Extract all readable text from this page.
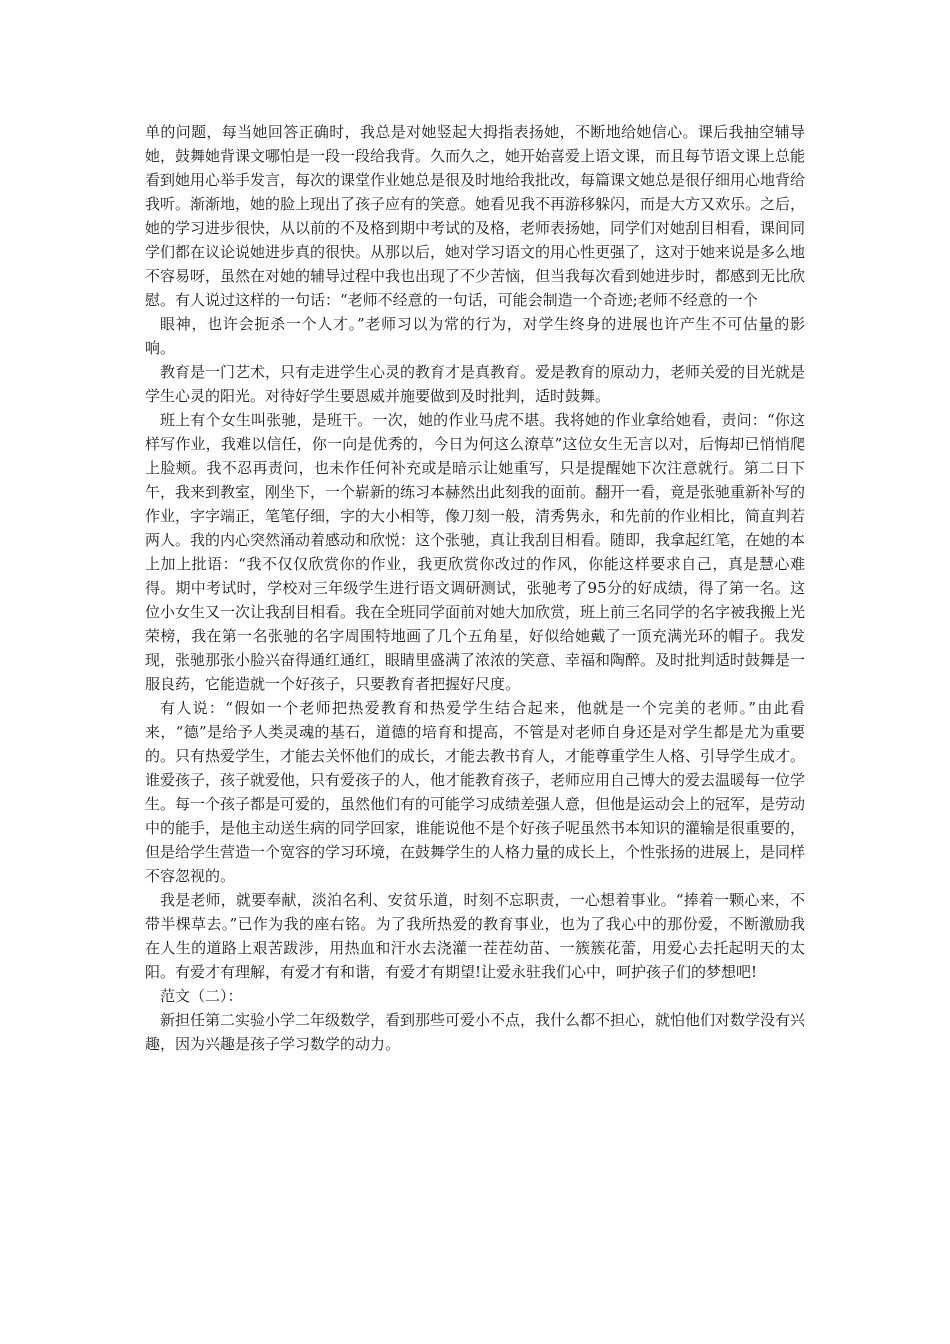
单的问题，每当她回答正确时，我总是对她竖起大拇指表扬她，不断地给她信心。课后我抽空辅导她，鼓舞她背课文哪怕是一段一段给我背。久而久之，她开始喜爱上语文课，而且每节语文课上总能看到她用心举手发言，每次的课堂作业她总是很及时地给我批改，每篇课文她总是很仔细用心地背给我听。渐渐地，她的脸上现出了孩子应有的笑意。她看见我不再游移躲闪，而是大方又欢乐。之后，她的学习进步很快，从以前的不及格到期中考试的及格，老师表扬她，同学们对她刮目相看，课间同学们都在议论说她进步真的很快。从那以后，她对学习语文的用心性更强了，这对于她来说是多么地不容易呀，虽然在对她的辅导过程中我也出现了不少苦恼，但当我每次看到她进步时，都感到无比欣慰。有人说过这样的一句话：“老师不经意的一句话，可能会制造一个奇迹;老师不经意的一个

眼神，也许会扼杀一个人才。”老师习以为常的行为，对学生终身的进展也许产生不可估量的影响。

教育是一门艺术，只有走进学生心灵的教育才是真教育。爱是教育的原动力，老师关爱的目光就是学生心灵的阳光。对待好学生要恩威并施要做到及时批判，适时鼓舞。

班上有个女生叫张驰，是班干。一次，她的作业马虎不堪。我将她的作业拿给她看，责问：“你这样写作业，我难以信任，你一向是优秀的，今日为何这么潦草”这位女生无言以对，后悔却已悄悄爬上脸颊。我不忍再责问，也未作任何补充或是暗示让她重写，只是提醒她下次注意就行。第二日下午，我来到教室，刚坐下，一个崭新的练习本赫然出此刻我的面前。翻开一看，竟是张驰重新补写的作业，字字端正，笔笔仔细，字的大小相等，像刀刻一般，清秀隽永，和先前的作业相比，简直判若两人。我的内心突然涌动着感动和欣悦：这个张驰，真让我刮目相看。随即，我拿起红笔，在她的本上加上批语：“我不仅仅欣赏你的作业，我更欣赏你改过的作风，你能这样要求自己，真是慧心难得。期中考试时，学校对三年级学生进行语文调研测试，张驰考了95分的好成绩，得了第一名。这位小女生又一次让我刮目相看。我在全班同学面前对她大加欣赏，班上前三名同学的名字被我搬上光荣榜，我在第一名张驰的名字周围特地画了几个五角星，好似给她戴了一顶充满光环的帽子。我发现，张驰那张小脸兴奋得通红通红，眼睛里盛满了浓浓的笑意、幸福和陶醉。及时批判适时鼓舞是一服良药，它能造就一个好孩子，只要教育者把握好尺度。

有人说：“假如一个老师把热爱教育和热爱学生结合起来，他就是一个完美的老师。”由此看来，“德”是给予人类灵魂的基石，道德的培育和提高，不管是对老师自身还是对学生都是尤为重要的。只有热爱学生，才能去关怀他们的成长，才能去教书育人，才能尊重学生人格、引导学生成才。谁爱孩子，孩子就爱他，只有爱孩子的人，他才能教育孩子，老师应用自己博大的爱去温暖每一位学生。每一个孩子都是可爱的，虽然他们有的可能学习成绩差强人意，但他是运动会上的冠军，是劳动中的能手，是他主动送生病的同学回家，谁能说他不是个好孩子呢虽然书本知识的灌输是很重要的，但是给学生营造一个宽容的学习环境，在鼓舞学生的人格力量的成长上，个性张扬的进展上，是同样不容忽视的。

我是老师，就要奉献，淡泊名利、安贫乐道，时刻不忘职责，一心想着事业。“捧着一颗心来，不带半棵草去。”已作为我的座右铭。为了我所热爱的教育事业，也为了我心中的那份爱，不断激励我在人生的道路上艰苦跋涉，用热血和汗水去浇灌一茬茬幼苗、一簇簇花蕾，用爱心去托起明天的太阳。有爱才有理解，有爱才有和谐，有爱才有期望!让爱永驻我们心中，呵护孩子们的梦想吧!

范文（二）：

新担任第二实验小学二年级数学，看到那些可爱小不点，我什么都不担心，就怕他们对数学没有兴趣，因为兴趣是孩子学习数学的动力。
